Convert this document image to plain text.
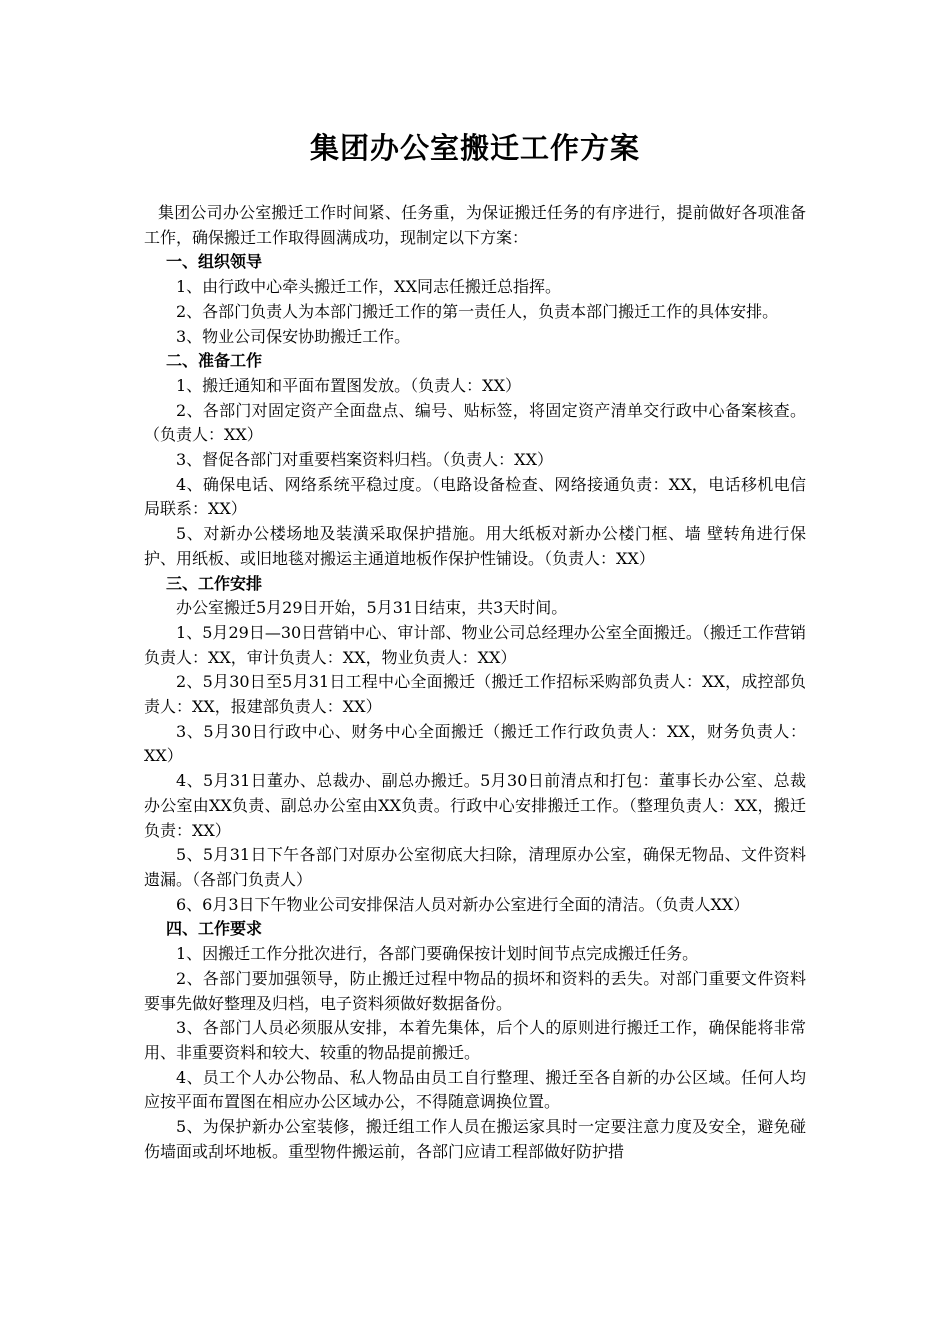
集团办公室搬迁工作方案

集团公司办公室搬迁工作时间紧、任务重，为保证搬迁任务的有序进行，提前做好各项准备工作，确保搬迁工作取得圆满成功，现制定以下方案：

一、组织领导

1、由行政中心牵头搬迁工作，XX同志任搬迁总指挥。

2、各部门负责人为本部门搬迁工作的第一责任人，负责本部门搬迁工作的具体安排。

3、物业公司保安协助搬迁工作。

二、准备工作

1、搬迁通知和平面布置图发放。（负责人：XX）

2、各部门对固定资产全面盘点、编号、贴标签，将固定资产清单交行政中心备案核查。（负责人：XX）

3、督促各部门对重要档案资料归档。（负责人：XX）

4、确保电话、网络系统平稳过度。（电路设备检查、网络接通负责：XX，电话移机电信局联系：XX）

5、对新办公楼场地及装潢采取保护措施。用大纸板对新办公楼门框、墙 壁转角进行保护、用纸板、或旧地毯对搬运主通道地板作保护性铺设。（负责人：XX）

三、工作安排

办公室搬迁5月29日开始，5月31日结束，共3天时间。

1、5月29日—30日营销中心、审计部、物业公司总经理办公室全面搬迁。（搬迁工作营销负责人：XX，审计负责人：XX，物业负责人：XX）

2、5月30日至5月31日工程中心全面搬迁（搬迁工作招标采购部负责人：XX，成控部负责人：XX，报建部负责人：XX）

3、5月30日行政中心、财务中心全面搬迁（搬迁工作行政负责人：XX，财务负责人：XX）

4、5月31日董办、总裁办、副总办搬迁。5月30日前清点和打包：董事长办公室、总裁办公室由XX负责、副总办公室由XX负责。行政中心安排搬迁工作。（整理负责人：XX，搬迁负责：XX）

5、5月31日下午各部门对原办公室彻底大扫除，清理原办公室，确保无物品、文件资料遗漏。（各部门负责人）

6、6月3日下午物业公司安排保洁人员对新办公室进行全面的清洁。（负责人XX）

四、工作要求

1、因搬迁工作分批次进行，各部门要确保按计划时间节点完成搬迁任务。

2、各部门要加强领导，防止搬迁过程中物品的损坏和资料的丢失。对部门重要文件资料要事先做好整理及归档，电子资料须做好数据备份。

3、各部门人员必须服从安排，本着先集体，后个人的原则进行搬迁工作，确保能将非常用、非重要资料和较大、较重的物品提前搬迁。

4、员工个人办公物品、私人物品由员工自行整理、搬迁至各自新的办公区域。任何人均应按平面布置图在相应办公区域办公，不得随意调换位置。

5、为保护新办公室装修，搬迁组工作人员在搬运家具时一定要注意力度及安全，避免碰伤墙面或刮坏地板。重型物件搬运前，各部门应请工程部做好防护措
